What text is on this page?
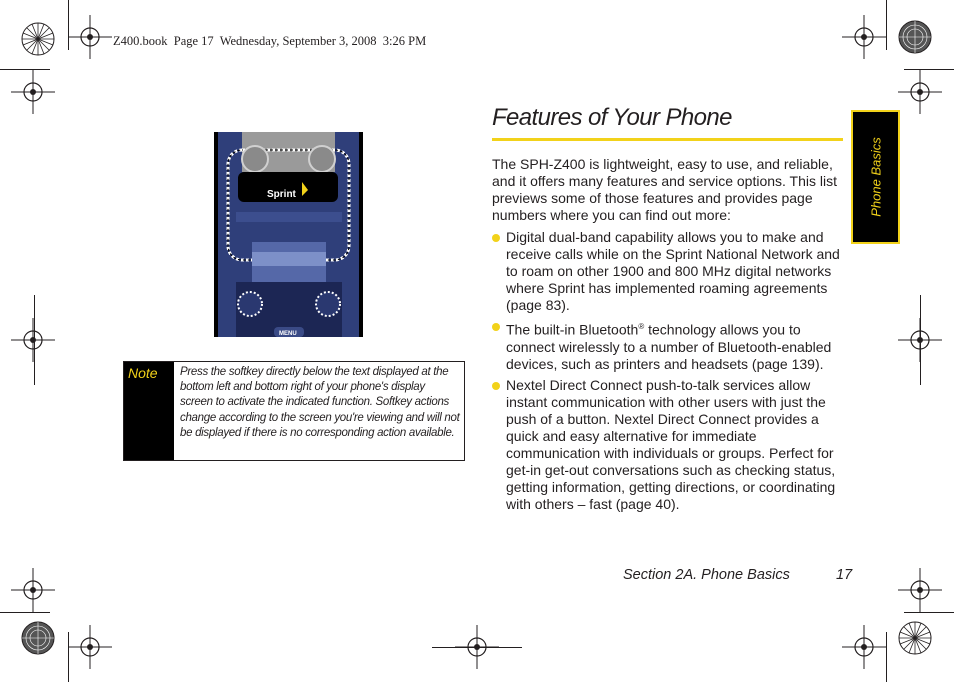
Z400.book  Page 17  Wednesday, September 3, 2008  3:26 PM
Phone Basics
Sprint
MENU
Note	Press the softkey directly below the text displayed at the bottom left and bottom right of your phone's display screen to activate the indicated function. Softkey actions change according to the screen you're viewing and will not be displayed if there is no corresponding action available.
Features of Your Phone
The SPH-Z400 is lightweight, easy to use, and reliable, and it offers many features and service options. This list previews some of those features and provides page numbers where you can find out more:
Digital dual-band capability allows you to make and receive calls while on the Sprint National Network and to roam on other 1900 and 800 MHz digital networks where Sprint has implemented roaming agreements (page 83).
The built-in Bluetooth® technology allows you to connect wirelessly to a number of Bluetooth-enabled devices, such as printers and headsets (page 139).
Nextel Direct Connect push-to-talk services allow instant communication with other users with just the push of a button. Nextel Direct Connect provides a quick and easy alternative for immediate communication with individuals or groups. Perfect for get-in get-out conversations such as checking status, getting information, getting directions, or coordinating with others – fast (page 40).
Section 2A. Phone Basics	17
